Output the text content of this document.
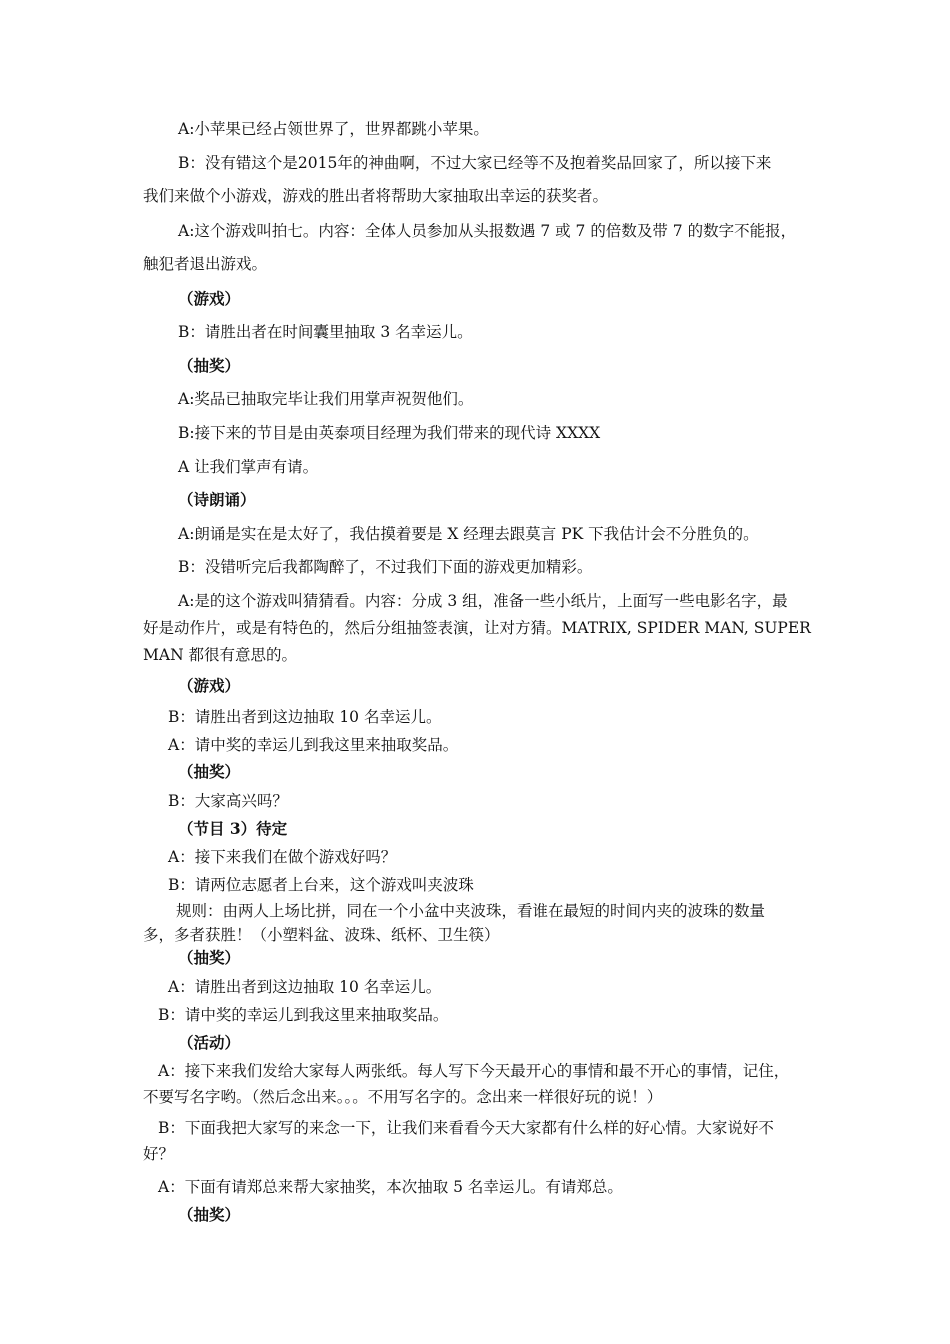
A:小苹果已经占领世界了，世界都跳小苹果。
B：没有错这个是2015年的神曲啊，不过大家已经等不及抱着奖品回家了，所以接下来
我们来做个小游戏，游戏的胜出者将帮助大家抽取出幸运的获奖者。
A:这个游戏叫拍七。内容：全体人员参加从头报数遇 7 或 7 的倍数及带 7 的数字不能报，
触犯者退出游戏。
（游戏）
B：请胜出者在时间囊里抽取 3 名幸运儿。
（抽奖）
A:奖品已抽取完毕让我们用掌声祝贺他们。
B:接下来的节目是由英泰项目经理为我们带来的现代诗 XXXX
A 让我们掌声有请。
（诗朗诵）
A:朗诵是实在是太好了，我估摸着要是 X 经理去跟莫言 PK 下我估计会不分胜负的。
B：没错听完后我都陶醉了，不过我们下面的游戏更加精彩。
A:是的这个游戏叫猜猜看。内容：分成 3 组，准备一些小纸片，上面写一些电影名字，最
好是动作片，或是有特色的，然后分组抽签表演，让对方猜。MATRIX, SPIDER MAN, SUPER
MAN 都很有意思的。
（游戏）
B：请胜出者到这边抽取 10 名幸运儿。
A：请中奖的幸运儿到我这里来抽取奖品。
（抽奖）
B：大家高兴吗？
（节目 3）待定
A：接下来我们在做个游戏好吗？
B：请两位志愿者上台来，这个游戏叫夹波珠
规则：由两人上场比拼，同在一个小盆中夹波珠，看谁在最短的时间内夹的波珠的数量
多，多者获胜！（小塑料盆、波珠、纸杯、卫生筷）
（抽奖）
A：请胜出者到这边抽取 10 名幸运儿。
B：请中奖的幸运儿到我这里来抽取奖品。
（活动）
A：接下来我们发给大家每人两张纸。每人写下今天最开心的事情和最不开心的事情，记住，
不要写名字哟。（然后念出来。。。不用写名字的。念出来一样很好玩的说！）
B：下面我把大家写的来念一下，让我们来看看今天大家都有什么样的好心情。大家说好不
好？
A：下面有请郑总来帮大家抽奖，本次抽取 5 名幸运儿。有请郑总。
（抽奖）
